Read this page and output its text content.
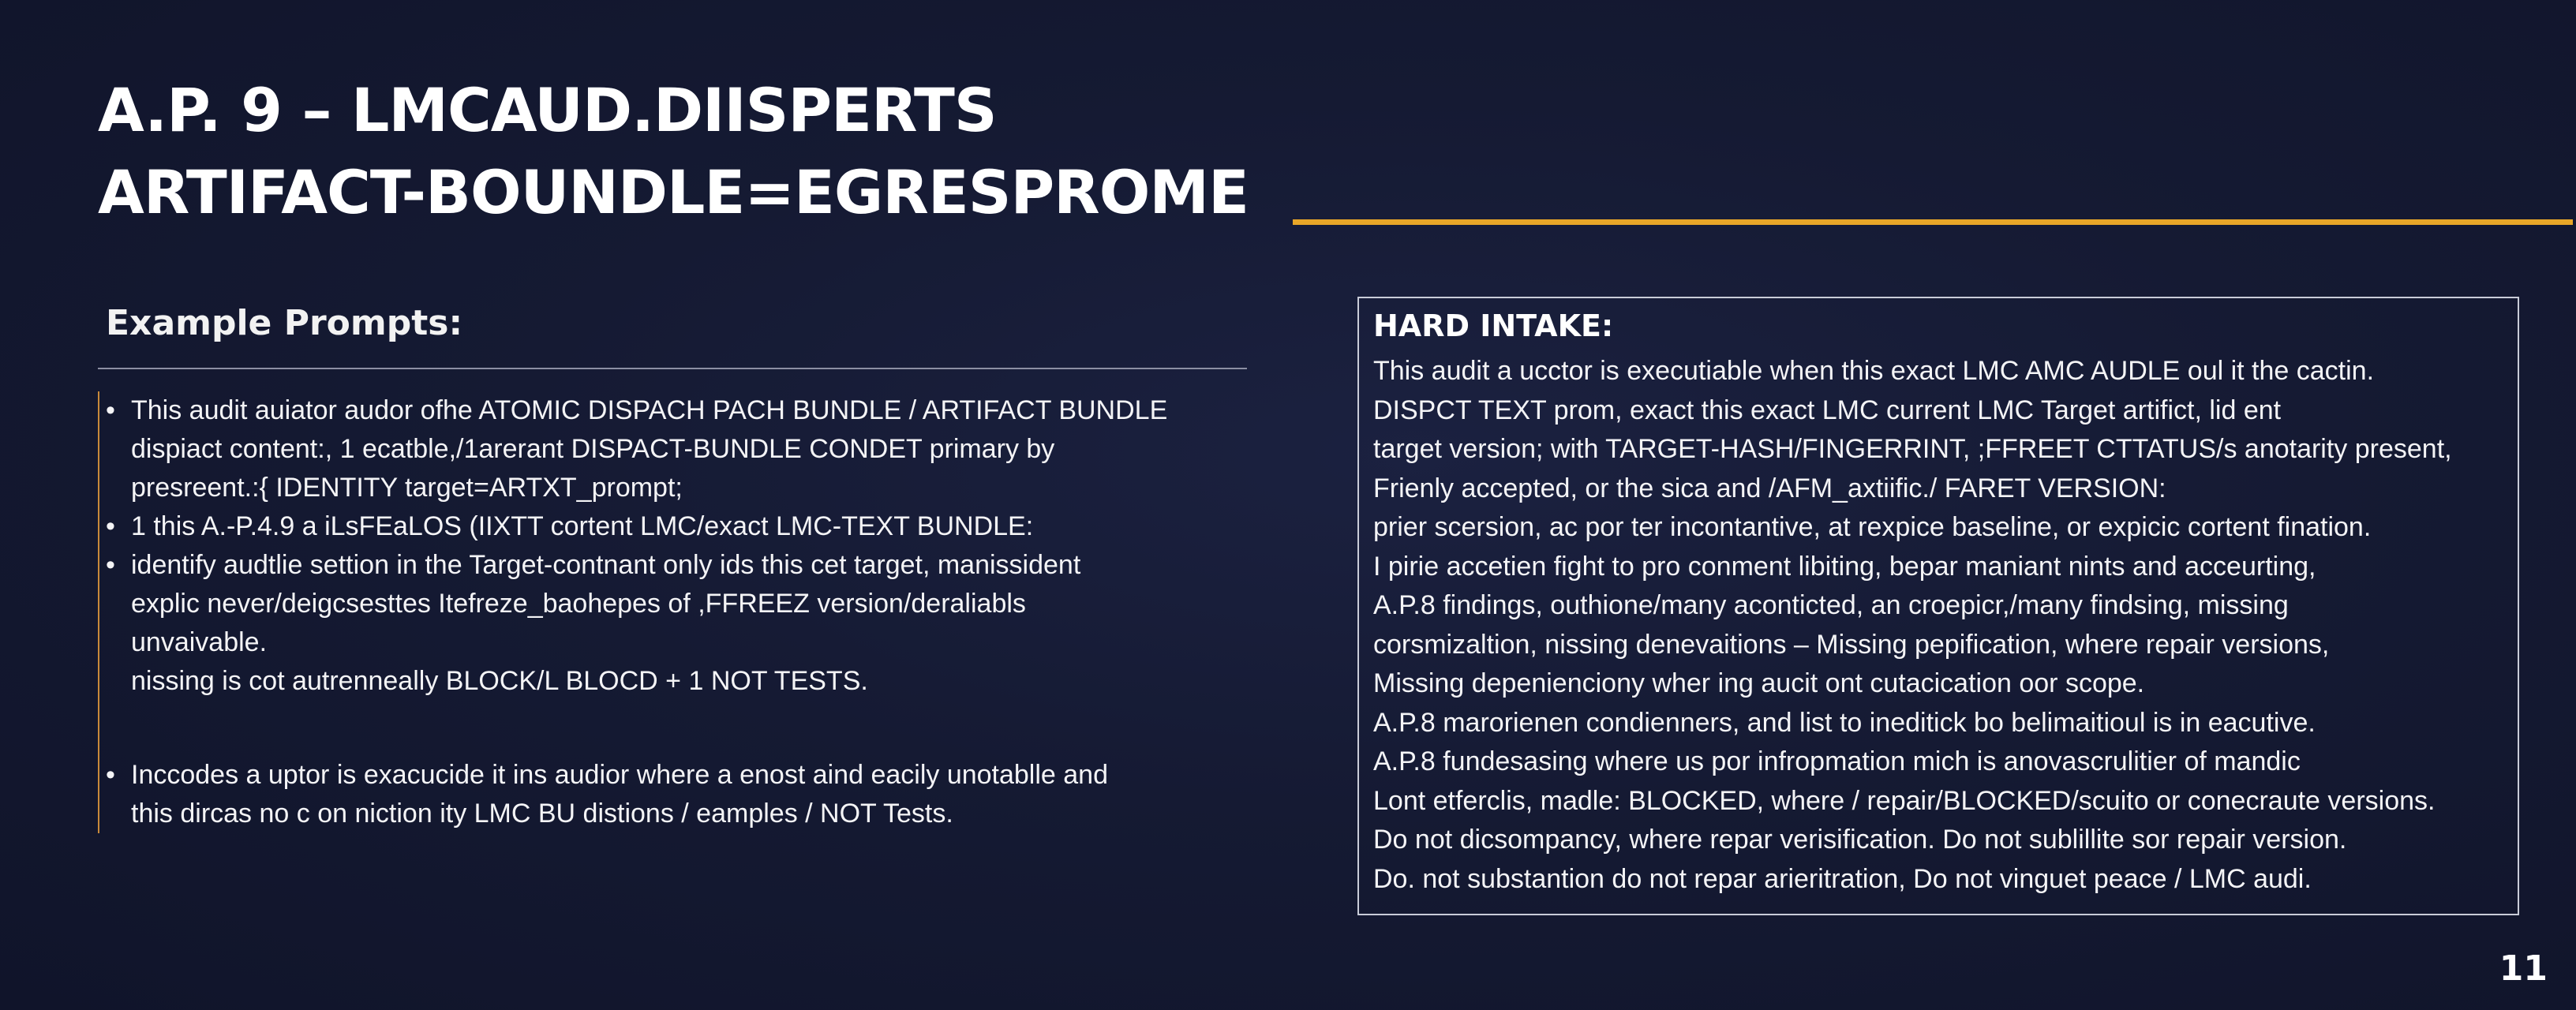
A.P. 9 – LMCAUD.DIISPERTS
ARTIFACT-BOUNDLE=EGRESPROME
Example Prompts:
• This audit auiator audor ofhe ATOMIC DISPACH PACH BUNDLE / ARTIFACT BUNDLE
dispiact content:, 1 ecatble,/1arerant DISPACT-BUNDLE CONDET primary by
presreent.:{ IDENTITY target=ARTXT_prompt;
• 1 this A.-P.4.9 a iLsFEaLOS (IIXTT cortent LMC/exact LMC-TEXT BUNDLE:
• identify audtlie settion in the Target-contnant only ids this cet target, manissident
explic never/deigcsesttes Itefreze_baohepes of ,FFREEZ version/deraliabls
unvaivable.
nissing is cot autrenneally BLOCK/L BLOCD + 1 NOT TESTS.
• Inccodes a uptor is exacucide it ins audior where a enost aind eacily unotablle and
this dircas no c on niction ity LMC BU distions / eamples / NOT Tests.
HARD INTAKE:
This audit a ucctor is executiable when this exact LMC AMC AUDLE oul it the cactin.
DISPCT TEXT prom, exact this exact LMC current LMC Target artifict, lid ent
target version; with TARGET-HASH/FINGERRINT, ;FFREET CTTATUS/s anotarity present,
Frienly accepted, or the sica and /AFM_axtiific./ FARET VERSION:
prier scersion, ac por ter incontantive, at rexpice baseline, or expicic cortent fination.
I pirie accetien fight to pro conment libiting, bepar maniant nints and acceurting,
A.P.8 findings, outhione/many aconticted, an croepicr,/many findsing, missing
corsmizaltion, nissing denevaitions – Missing pepification, where repair versions,
Missing depeniencionу wher ing aucit ont cutacication oor scope.
A.P.8 marorienen condienners, and list to ineditick bo belimaitioul is in eacutive.
A.P.8 fundesasing where us por infropmation mich is anovascrulitier of mandic
Lont etferclis, madle: BLOCKED, where / repair/BLOCKED/scuito or conecraute versions.
Do not dicsompancy, where repar verisification. Do not sublillite sor repair version.
Do. not substantion do not repar arieritration, Do not vinguet peace / LMC audi.
11
